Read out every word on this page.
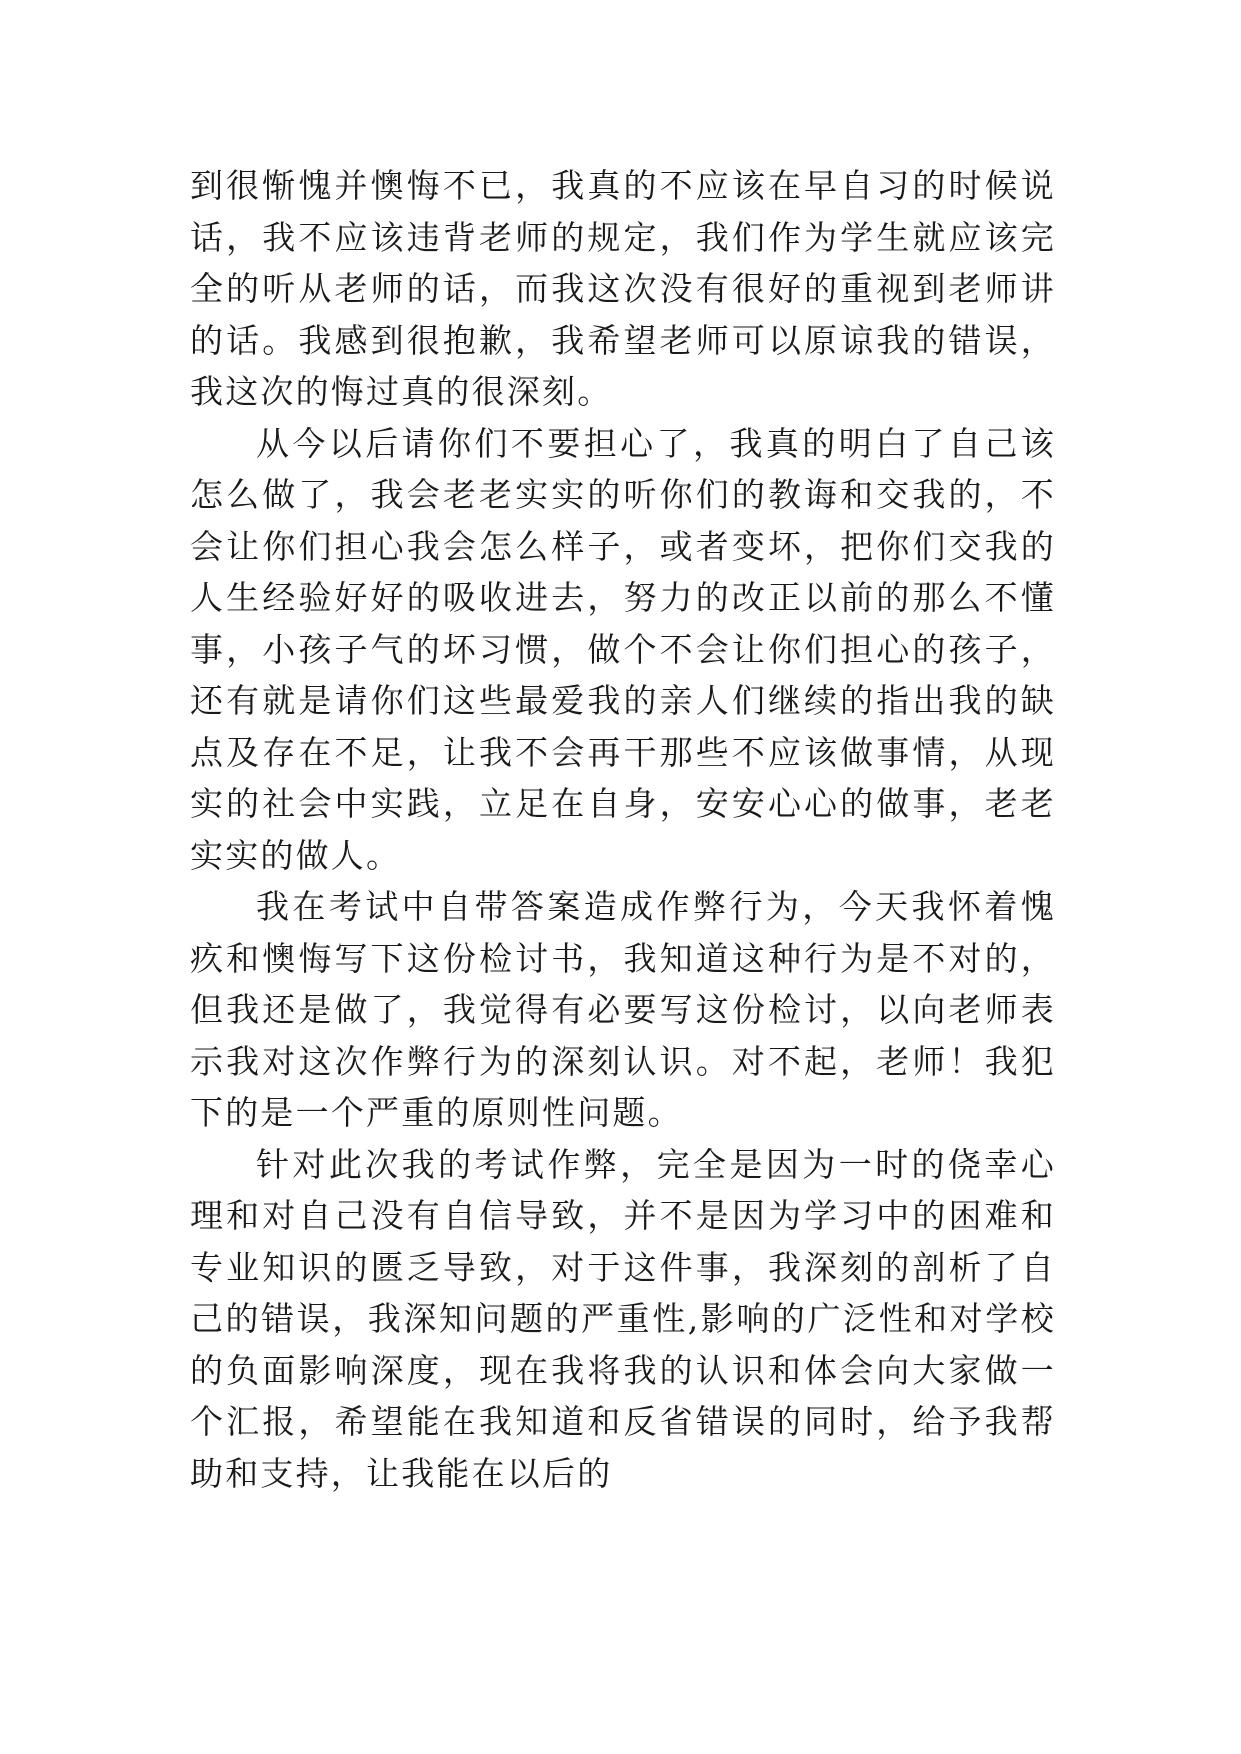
到很惭愧并懊悔不已，我真的不应该在早自习的时候说话，我不应该违背老师的规定，我们作为学生就应该完全的听从老师的话，而我这次没有很好的重视到老师讲的话。我感到很抱歉，我希望老师可以原谅我的错误，我这次的悔过真的很深刻。

从今以后请你们不要担心了，我真的明白了自己该怎么做了，我会老老实实的听你们的教诲和交我的，不会让你们担心我会怎么样子，或者变坏，把你们交我的人生经验好好的吸收进去，努力的改正以前的那么不懂事，小孩子气的坏习惯，做个不会让你们担心的孩子，还有就是请你们这些最爱我的亲人们继续的指出我的缺点及存在不足，让我不会再干那些不应该做事情，从现实的社会中实践，立足在自身，安安心心的做事，老老实实的做人。

我在考试中自带答案造成作弊行为，今天我怀着愧疚和懊悔写下这份检讨书，我知道这种行为是不对的，但我还是做了，我觉得有必要写这份检讨，以向老师表示我对这次作弊行为的深刻认识。对不起，老师！我犯下的是一个严重的原则性问题。

针对此次我的考试作弊，完全是因为一时的侥幸心理和对自己没有自信导致，并不是因为学习中的困难和专业知识的匮乏导致，对于这件事，我深刻的剖析了自己的错误，我深知问题的严重性,影响的广泛性和对学校的负面影响深度，现在我将我的认识和体会向大家做一个汇报，希望能在我知道和反省错误的同时，给予我帮助和支持，让我能在以后的
